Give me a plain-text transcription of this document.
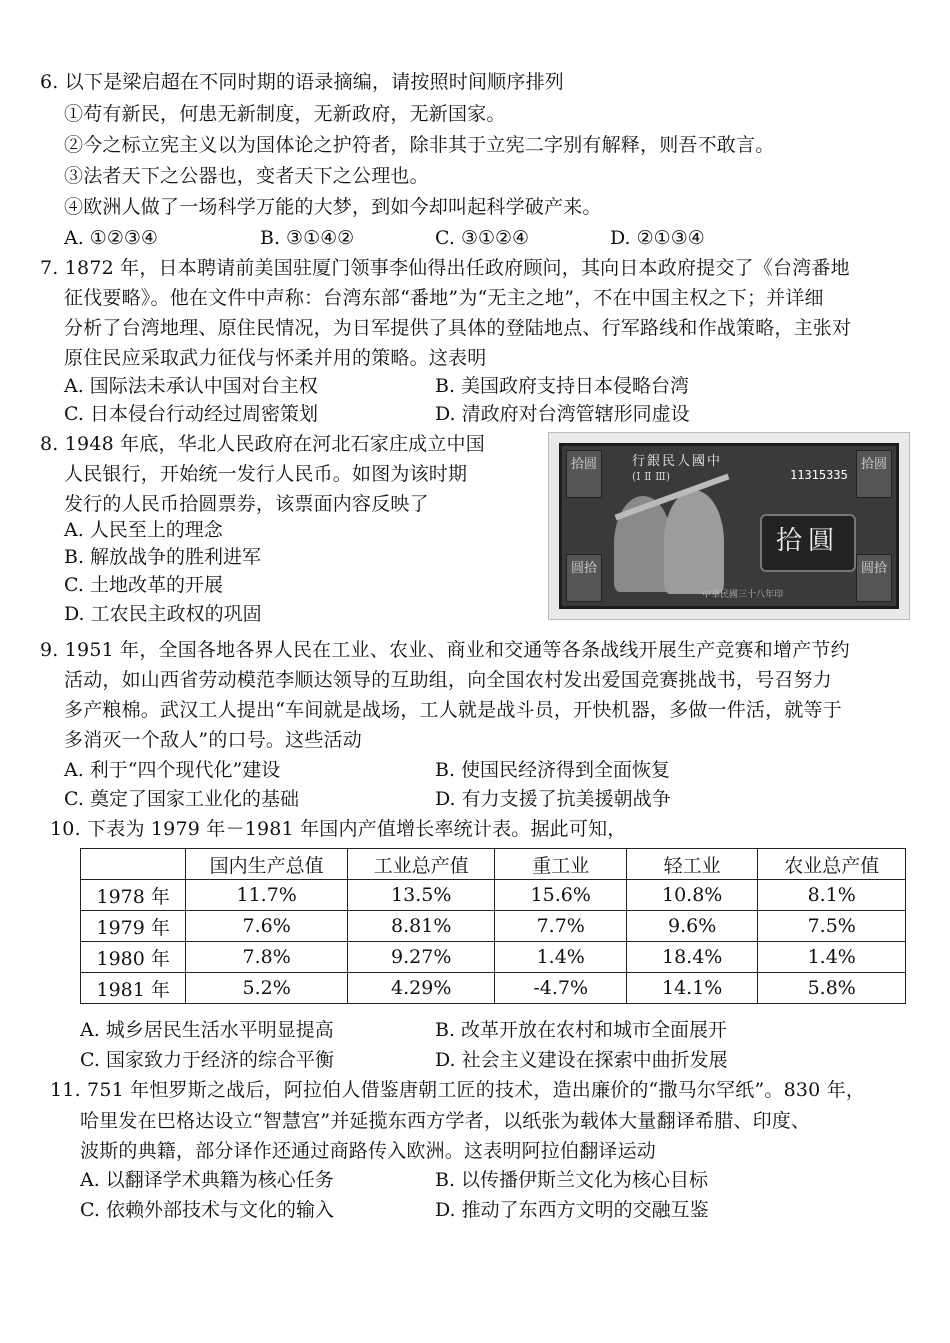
6. 以下是梁启超在不同时期的语录摘编，请按照时间顺序排列
①苟有新民，何患无新制度，无新政府，无新国家。
②今之标立宪主义以为国体论之护符者，除非其于立宪二字别有解释，则吾不敢言。
③法者天下之公器也，变者天下之公理也。
④欧洲人做了一场科学万能的大梦，到如今却叫起科学破产来。
A. ①②③④	B. ③①④②	C. ③①②④	D. ②①③④
7. 1872 年，日本聘请前美国驻厦门领事李仙得出任政府顾问，其向日本政府提交了《台湾番地
征伐要略》。他在文件中声称：台湾东部“番地”为“无主之地”，不在中国主权之下；并详细
分析了台湾地理、原住民情况，为日军提供了具体的登陆地点、行军路线和作战策略，主张对
原住民应采取武力征伐与怀柔并用的策略。这表明
A. 国际法未承认中国对台主权	B. 美国政府支持日本侵略台湾
C. 日本侵台行动经过周密策划	D. 清政府对台湾管辖形同虚设
8. 1948 年底，华北人民政府在河北石家庄成立中国
人民银行，开始统一发行人民币。如图为该时期
发行的人民币拾圆票券，该票面内容反映了
A. 人民至上的理念
B. 解放战争的胜利进军
C. 土地改革的开展
D. 工农民主政权的巩固
拾圆	拾圆
圆拾	圆拾
行銀民人國中
(Ⅰ Ⅱ Ⅲ)	11315335
拾圓
中華民國三十八年印
9. 1951 年，全国各地各界人民在工业、农业、商业和交通等各条战线开展生产竞赛和增产节约
活动，如山西省劳动模范李顺达领导的互助组，向全国农村发出爱国竞赛挑战书，号召努力
多产粮棉。武汉工人提出“车间就是战场，工人就是战斗员，开快机器，多做一件活，就等于
多消灭一个敌人”的口号。这些活动
A. 利于“四个现代化”建设	B. 使国民经济得到全面恢复
C. 奠定了国家工业化的基础	D. 有力支援了抗美援朝战争
10. 下表为 1979 年－1981 年国内产值增长率统计表。据此可知，
	国内生产总值	工业总产值	重工业	轻工业	农业总产值
1978 年	11.7%	13.5%	15.6%	10.8%	8.1%
1979 年	7.6%	8.81%	7.7%	9.6%	7.5%
1980 年	7.8%	9.27%	1.4%	18.4%	1.4%
1981 年	5.2%	4.29%	-4.7%	14.1%	5.8%
A. 城乡居民生活水平明显提高	B. 改革开放在农村和城市全面展开
C. 国家致力于经济的综合平衡	D. 社会主义建设在探索中曲折发展
11. 751 年怛罗斯之战后，阿拉伯人借鉴唐朝工匠的技术，造出廉价的“撒马尔罕纸”。830 年，
哈里发在巴格达设立“智慧宫”并延揽东西方学者，以纸张为载体大量翻译希腊、印度、
波斯的典籍，部分译作还通过商路传入欧洲。这表明阿拉伯翻译运动
A. 以翻译学术典籍为核心任务	B. 以传播伊斯兰文化为核心目标
C. 依赖外部技术与文化的输入	D. 推动了东西方文明的交融互鉴
